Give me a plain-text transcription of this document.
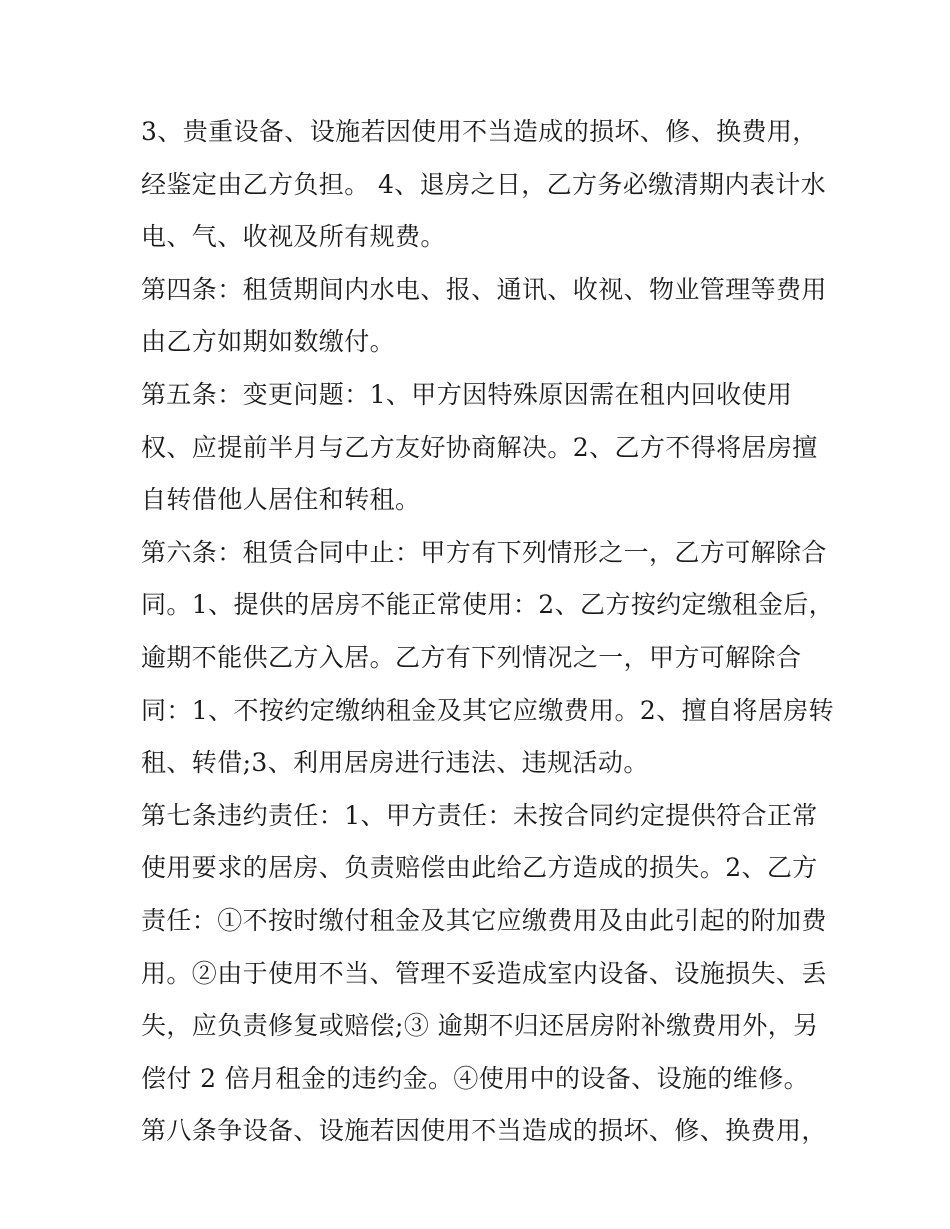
3、贵重设备、设施若因使用不当造成的损坏、修、换费用，
经鉴定由乙方负担。 4、退房之日，乙方务必缴清期内表计水
电、气、收视及所有规费。
第四条：租赁期间内水电、报、通讯、收视、物业管理等费用
由乙方如期如数缴付。
第五条：变更问题：1、甲方因特殊原因需在租内回收使用
权、应提前半月与乙方友好协商解决。2、乙方不得将居房擅
自转借他人居住和转租。
第六条：租赁合同中止：甲方有下列情形之一，乙方可解除合
同。1、提供的居房不能正常使用：2、乙方按约定缴租金后，
逾期不能供乙方入居。乙方有下列情况之一，甲方可解除合
同：1、不按约定缴纳租金及其它应缴费用。2、擅自将居房转
租、转借;3、利用居房进行违法、违规活动。
第七条违约责任：1、甲方责任：未按合同约定提供符合正常
使用要求的居房、负责赔偿由此给乙方造成的损失。2、乙方
责任：①不按时缴付租金及其它应缴费用及由此引起的附加费
用。②由于使用不当、管理不妥造成室内设备、设施损失、丢
失，应负责修复或赔偿;③ 逾期不归还居房附补缴费用外，另
偿付 2 倍月租金的违约金。④使用中的设备、设施的维修。
第八条争设备、设施若因使用不当造成的损坏、修、换费用，
